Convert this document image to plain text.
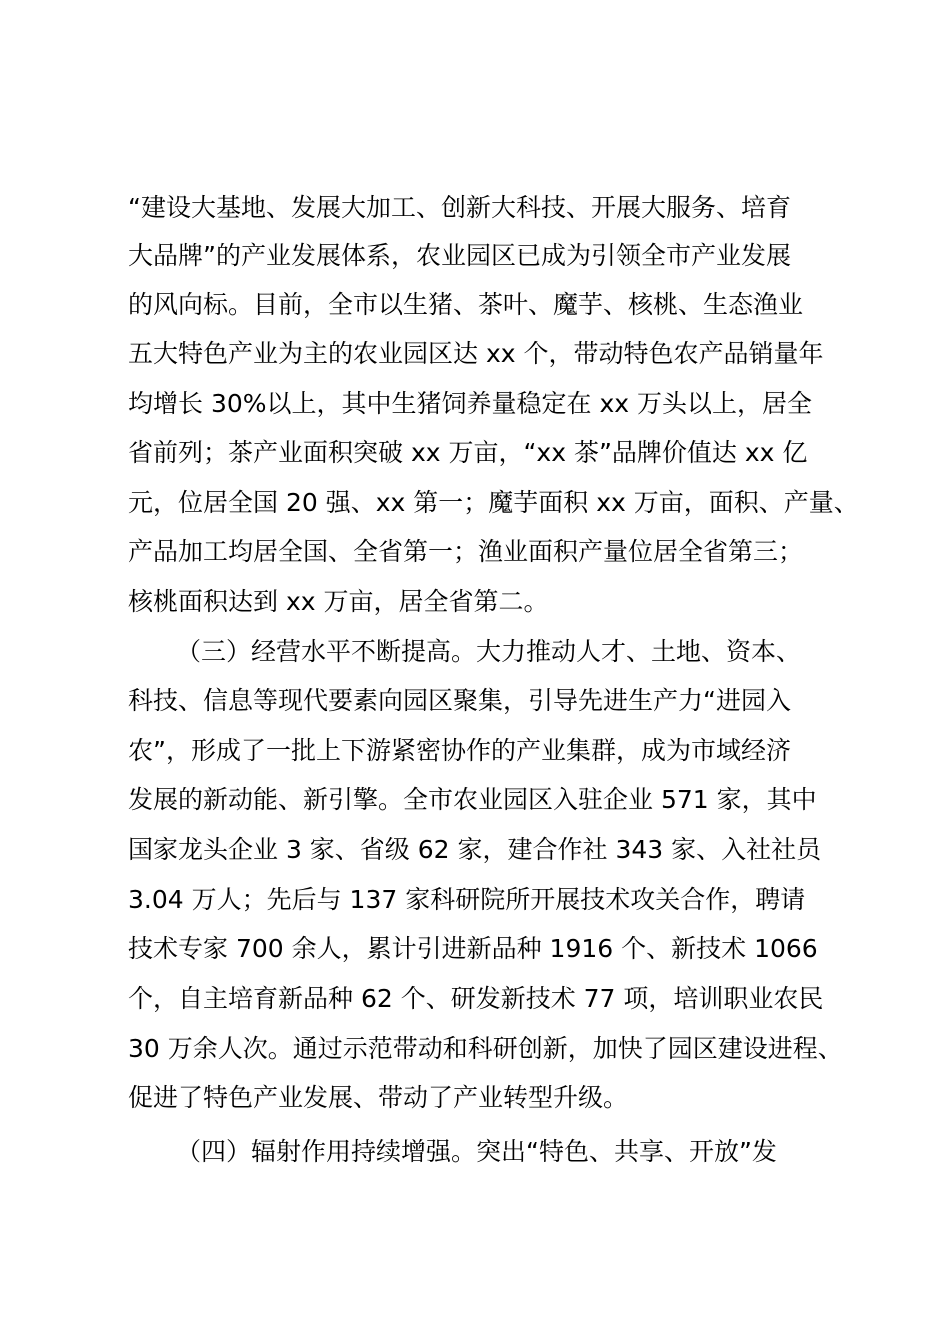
“建设大基地、发展大加工、创新大科技、开展大服务、培育
大品牌”的产业发展体系，农业园区已成为引领全市产业发展
的风向标。目前，全市以生猪、茶叶、魔芋、核桃、生态渔业
五大特色产业为主的农业园区达 xx 个，带动特色农产品销量年
均增长 30%以上，其中生猪饲养量稳定在 xx 万头以上，居全
省前列；茶产业面积突破 xx 万亩，“xx 茶”品牌价值达 xx 亿
元，位居全国 20 强、xx 第一；魔芋面积 xx 万亩，面积、产量、
产品加工均居全国、全省第一；渔业面积产量位居全省第三；
核桃面积达到 xx 万亩，居全省第二。
（三）经营水平不断提高。大力推动人才、土地、资本、
科技、信息等现代要素向园区聚集，引导先进生产力“进园入
农”，形成了一批上下游紧密协作的产业集群，成为市域经济
发展的新动能、新引擎。全市农业园区入驻企业 571 家，其中
国家龙头企业 3 家、省级 62 家，建合作社 343 家、入社社员
3.04 万人；先后与 137 家科研院所开展技术攻关合作，聘请
技术专家 700 余人，累计引进新品种 1916 个、新技术 1066
个，自主培育新品种 62 个、研发新技术 77 项，培训职业农民
30 万余人次。通过示范带动和科研创新，加快了园区建设进程、
促进了特色产业发展、带动了产业转型升级。
（四）辐射作用持续增强。突出“特色、共享、开放”发
